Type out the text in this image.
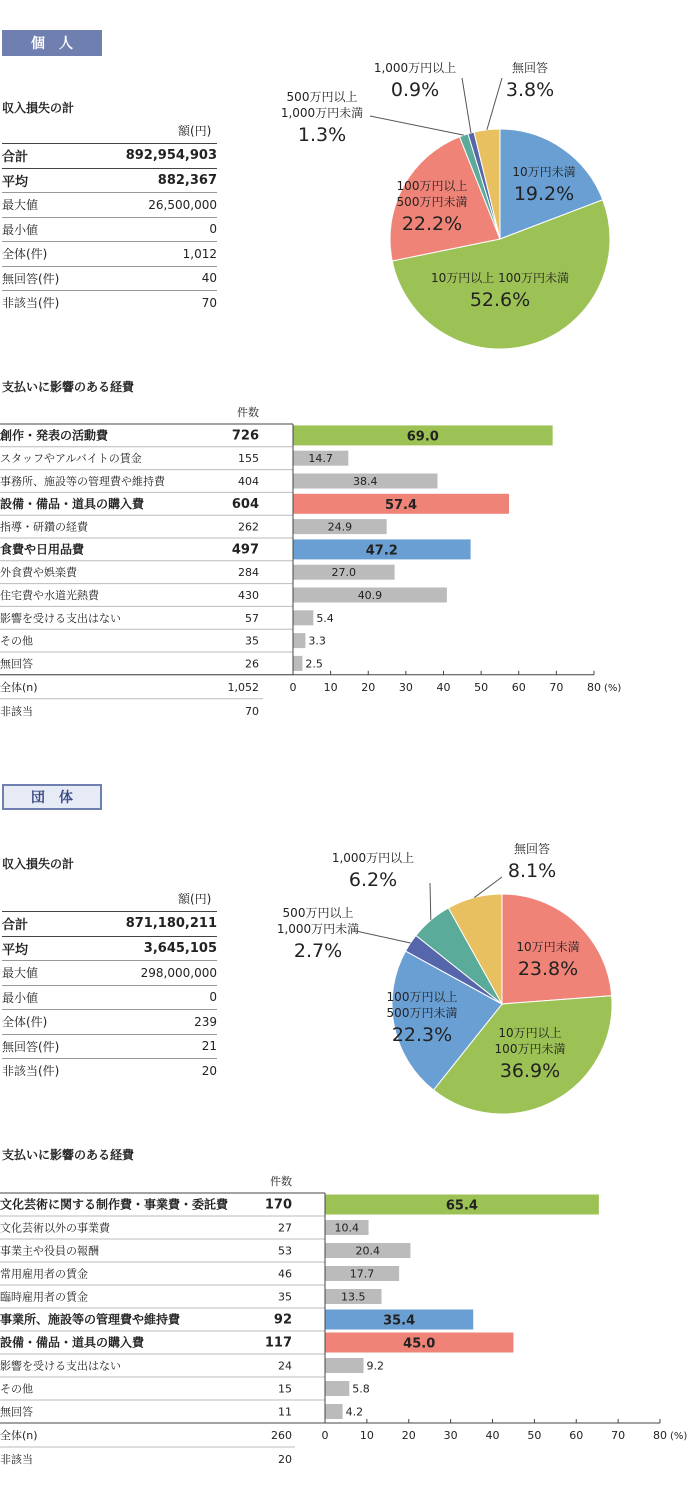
個人
収入損失の計
額(円)
合計	892,954,903
平均	882,367
最大値	26,500,000
最小値	0
全体(件)	1,012
無回答(件)	40
非該当(件)	70
10万円未満
19.2%
10万円以上 100万円未満
52.6%
100万円以上
500万円未満
22.2%
500万円以上
1,000万円未満
1.3%
1,000万円以上
0.9%
無回答
3.8%
支払いに影響のある経費
件数
創作・発表の活動費	726	69.0
スタッフやアルバイトの賃金	155	14.7
事務所、施設等の管理費や維持費	404	38.4
設備・備品・道具の購入費	604	57.4
指導・研鑽の経費	262	24.9
食費や日用品費	497	47.2
外食費や娯楽費	284	27.0
住宅費や水道光熱費	430	40.9
影響を受ける支出はない	57	5.4
その他	35	3.3
無回答	26	2.5
0 10 20 30 40 50 60 70 80 (%)
全体(n)	1,052
非該当	70
団体
収入損失の計
額(円)
合計	871,180,211
平均	3,645,105
最大値	298,000,000
最小値	0
全体(件)	239
無回答(件)	21
非該当(件)	20
10万円未満
23.8%
10万円以上
100万円未満
36.9%
100万円以上
500万円未満
22.3%
500万円以上
1,000万円未満
2.7%
1,000万円以上
6.2%
無回答
8.1%
支払いに影響のある経費
件数
文化芸術に関する制作費・事業費・委託費	170	65.4
文化芸術以外の事業費	27	10.4
事業主や役員の報酬	53	20.4
常用雇用者の賃金	46	17.7
臨時雇用者の賃金	35	13.5
事業所、施設等の管理費や維持費	92	35.4
設備・備品・道具の購入費	117	45.0
影響を受ける支出はない	24	9.2
その他	15	5.8
無回答	11	4.2
0	10	20	30	40	50	60	70	80 (%)
全体(n)	260
非該当	20
